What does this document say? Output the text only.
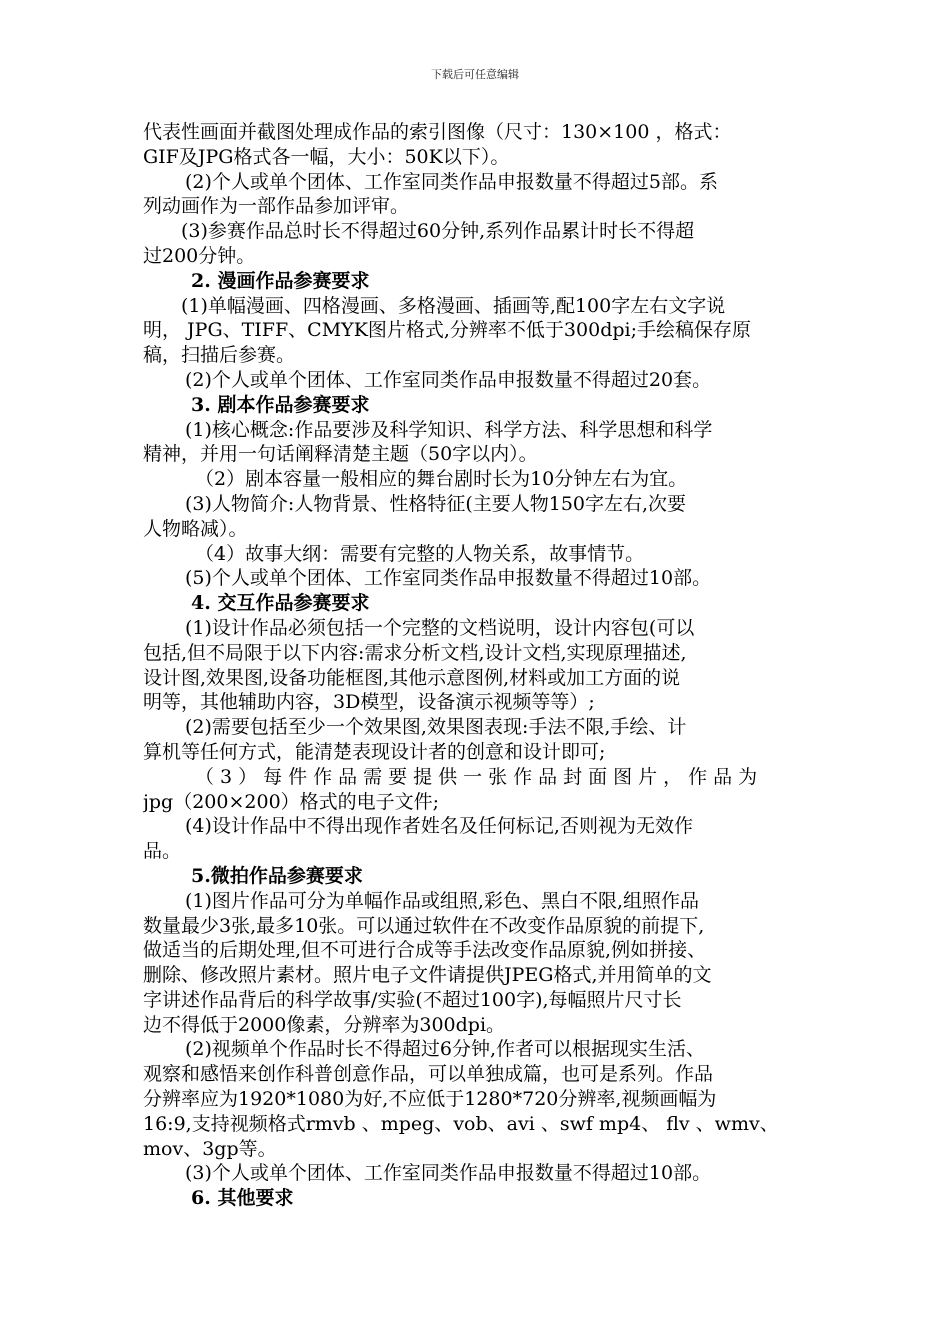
下载后可任意编辑

代表性画面并截图处理成作品的索引图像（尺寸：130×100 ，格式：

GIF及JPG格式各一幅，大小：50K以下）。

(2)个人或单个团体、工作室同类作品申报数量不得超过5部。系

列动画作为一部作品参加评审。

(3)参赛作品总时长不得超过60分钟,系列作品累计时长不得超

过200分钟。

2. 漫画作品参赛要求

(1)单幅漫画、四格漫画、多格漫画、插画等,配100字左右文字说

明， JPG、TIFF、CMYK图片格式,分辨率不低于300dpi;手绘稿保存原

稿，扫描后参赛。

(2)个人或单个团体、工作室同类作品申报数量不得超过20套。

3. 剧本作品参赛要求

(1)核心概念:作品要涉及科学知识、科学方法、科学思想和科学

精神，并用一句话阐释清楚主题（50字以内）。

（2）剧本容量一般相应的舞台剧时长为10分钟左右为宜。

(3)人物简介:人物背景、性格特征(主要人物150字左右,次要

人物略减）。

（4）故事大纲：需要有完整的人物关系，故事情节。

(5)个人或单个团体、工作室同类作品申报数量不得超过10部。

4. 交互作品参赛要求

(1)设计作品必须包括一个完整的文档说明，设计内容包(可以

包括,但不局限于以下内容:需求分析文档,设计文档,实现原理描述,

设计图,效果图,设备功能框图,其他示意图例,材料或加工方面的说

明等，其他辅助内容，3D模型，设备演示视频等等）;

(2)需要包括至少一个效果图,效果图表现:手法不限,手绘、计

算机等任何方式，能清楚表现设计者的创意和设计即可;

（3）每件作品需要提供一张作品封面图片，作品为

jpg（200×200）格式的电子文件;

(4)设计作品中不得出现作者姓名及任何标记,否则视为无效作

品。

5.微拍作品参赛要求

(1)图片作品可分为单幅作品或组照,彩色、黑白不限,组照作品

数量最少3张,最多10张。可以通过软件在不改变作品原貌的前提下,

做适当的后期处理,但不可进行合成等手法改变作品原貌,例如拼接、

删除、修改照片素材。照片电子文件请提供JPEG格式,并用简单的文

字讲述作品背后的科学故事/实验(不超过100字),每幅照片尺寸长

边不得低于2000像素，分辨率为300dpi。

(2)视频单个作品时长不得超过6分钟,作者可以根据现实生活、

观察和感悟来创作科普创意作品，可以单独成篇，也可是系列。作品

分辨率应为1920*1080为好,不应低于1280*720分辨率,视频画幅为

16:9,支持视频格式rmvb 、mpeg、vob、avi 、swf mp4、 flv 、wmv、

mov、3gp等。

(3)个人或单个团体、工作室同类作品申报数量不得超过10部。

6. 其他要求
